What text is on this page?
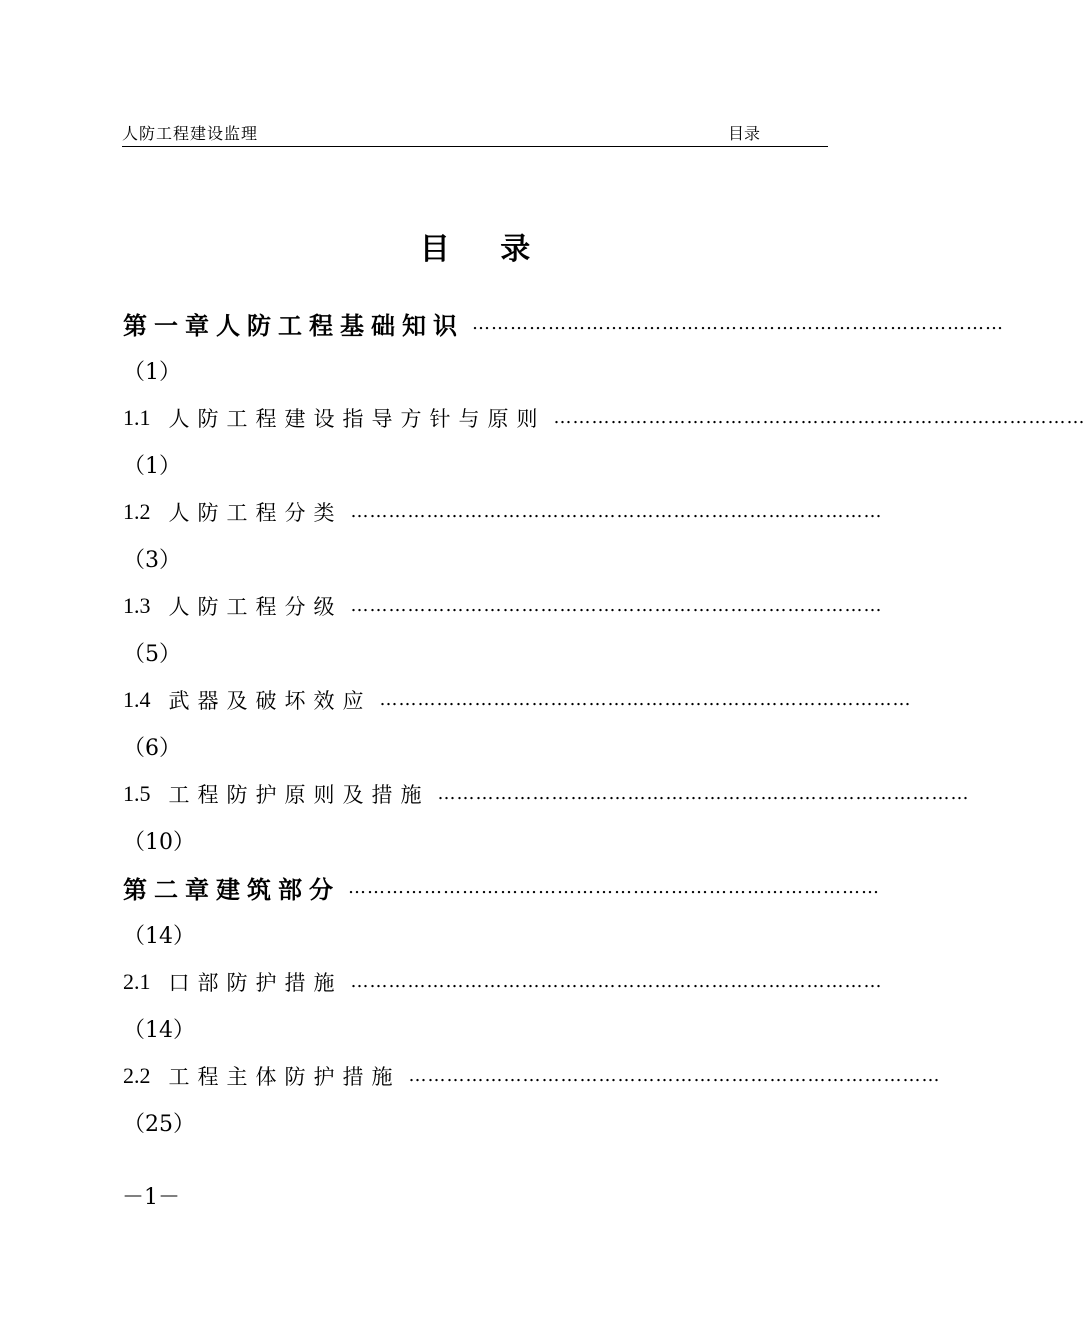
人防工程建设监理	目录
目 录
第一章 人防工程基础知识 …………………………………………………………………………
（1）
1.1 人防工程建设指导方针与原则 …………………………………………………………………………
（1）
1.2 人防工程分类 …………………………………………………………………………
（3）
1.3 人防工程分级 …………………………………………………………………………
（5）
1.4 武器及破坏效应 …………………………………………………………………………
（6）
1.5 工程防护原则及措施 …………………………………………………………………………
（10）
第二章 建筑部分 …………………………………………………………………………
（14）
2.1 口部防护措施 …………………………………………………………………………
（14）
2.2 工程主体防护措施 …………………………………………………………………………
（25）
－1－
